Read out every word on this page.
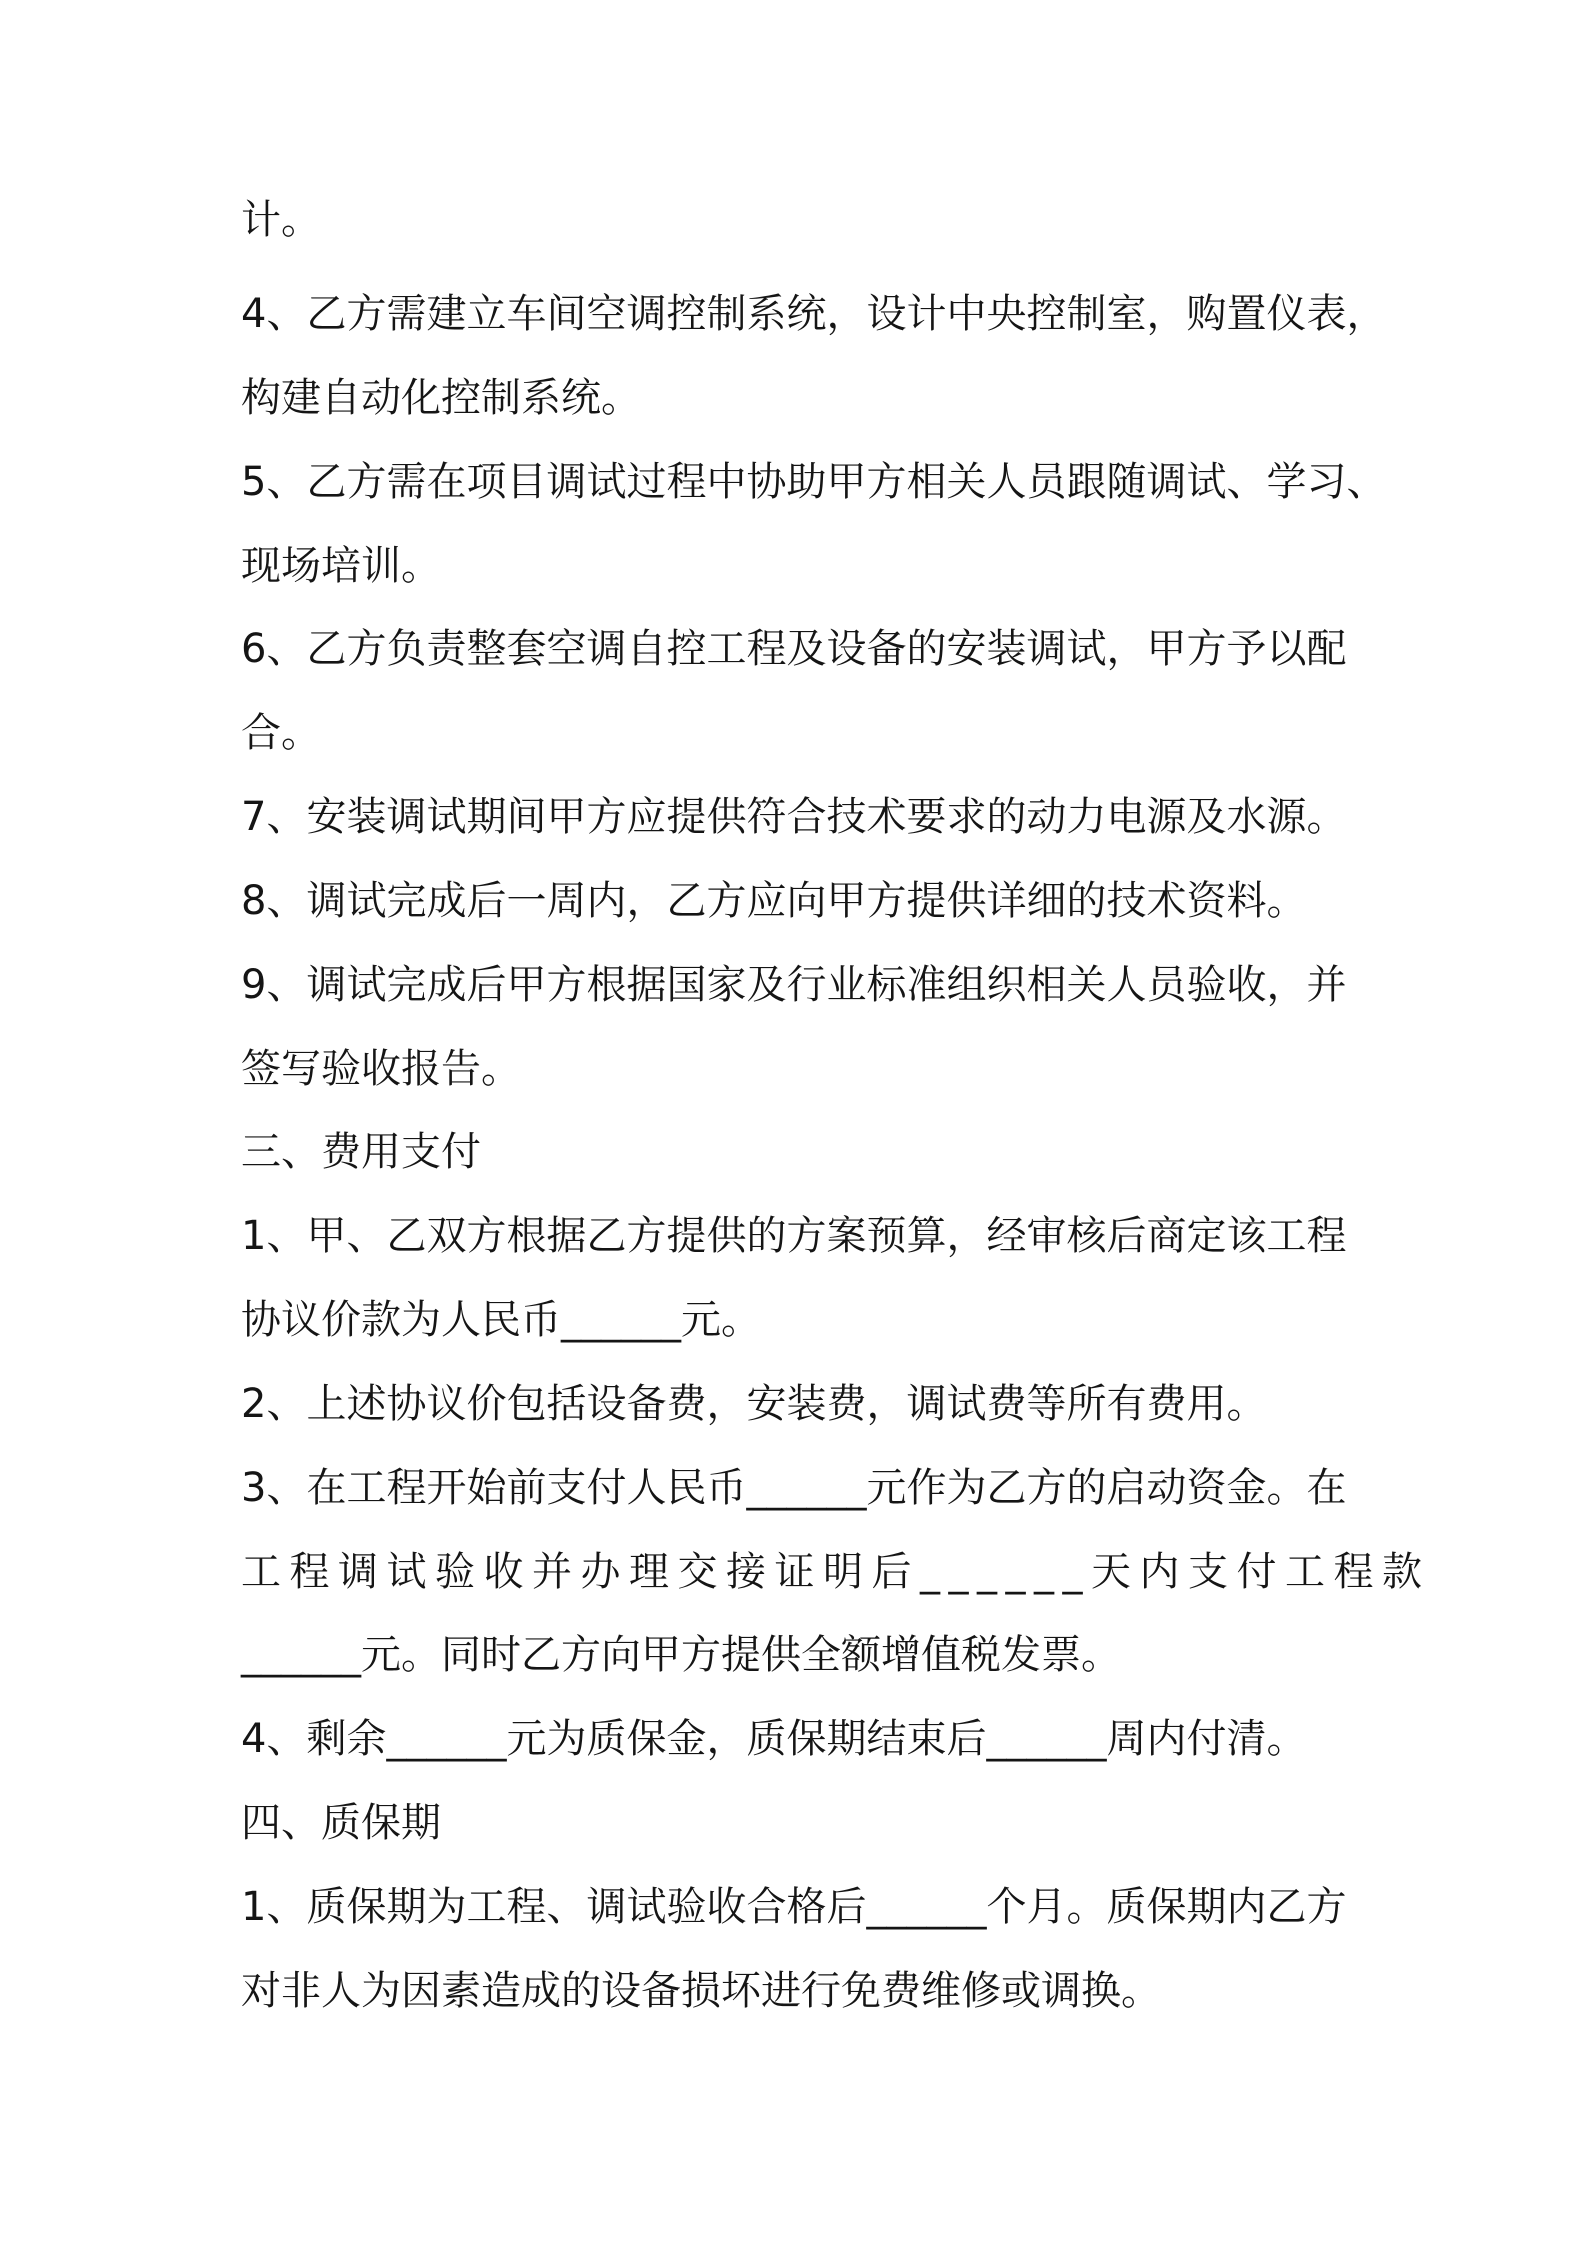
计。
4、乙方需建立车间空调控制系统，设计中央控制室，购置仪表，
构建自动化控制系统。
5、乙方需在项目调试过程中协助甲方相关人员跟随调试、学习、
现场培训。
6、乙方负责整套空调自控工程及设备的安装调试，甲方予以配
合。
7、安装调试期间甲方应提供符合技术要求的动力电源及水源。
8、调试完成后一周内，乙方应向甲方提供详细的技术资料。
9、调试完成后甲方根据国家及行业标准组织相关人员验收，并
签写验收报告。
三、费用支付
1、甲、乙双方根据乙方提供的方案预算，经审核后商定该工程
协议价款为人民币______元。
2、上述协议价包括设备费，安装费，调试费等所有费用。
3、在工程开始前支付人民币______元作为乙方的启动资金。在
工程调试验收并办理交接证明后______天内支付工程款
______元。同时乙方向甲方提供全额增值税发票。
4、剩余______元为质保金，质保期结束后______周内付清。
四、质保期
1、质保期为工程、调试验收合格后______个月。质保期内乙方
对非人为因素造成的设备损坏进行免费维修或调换。
